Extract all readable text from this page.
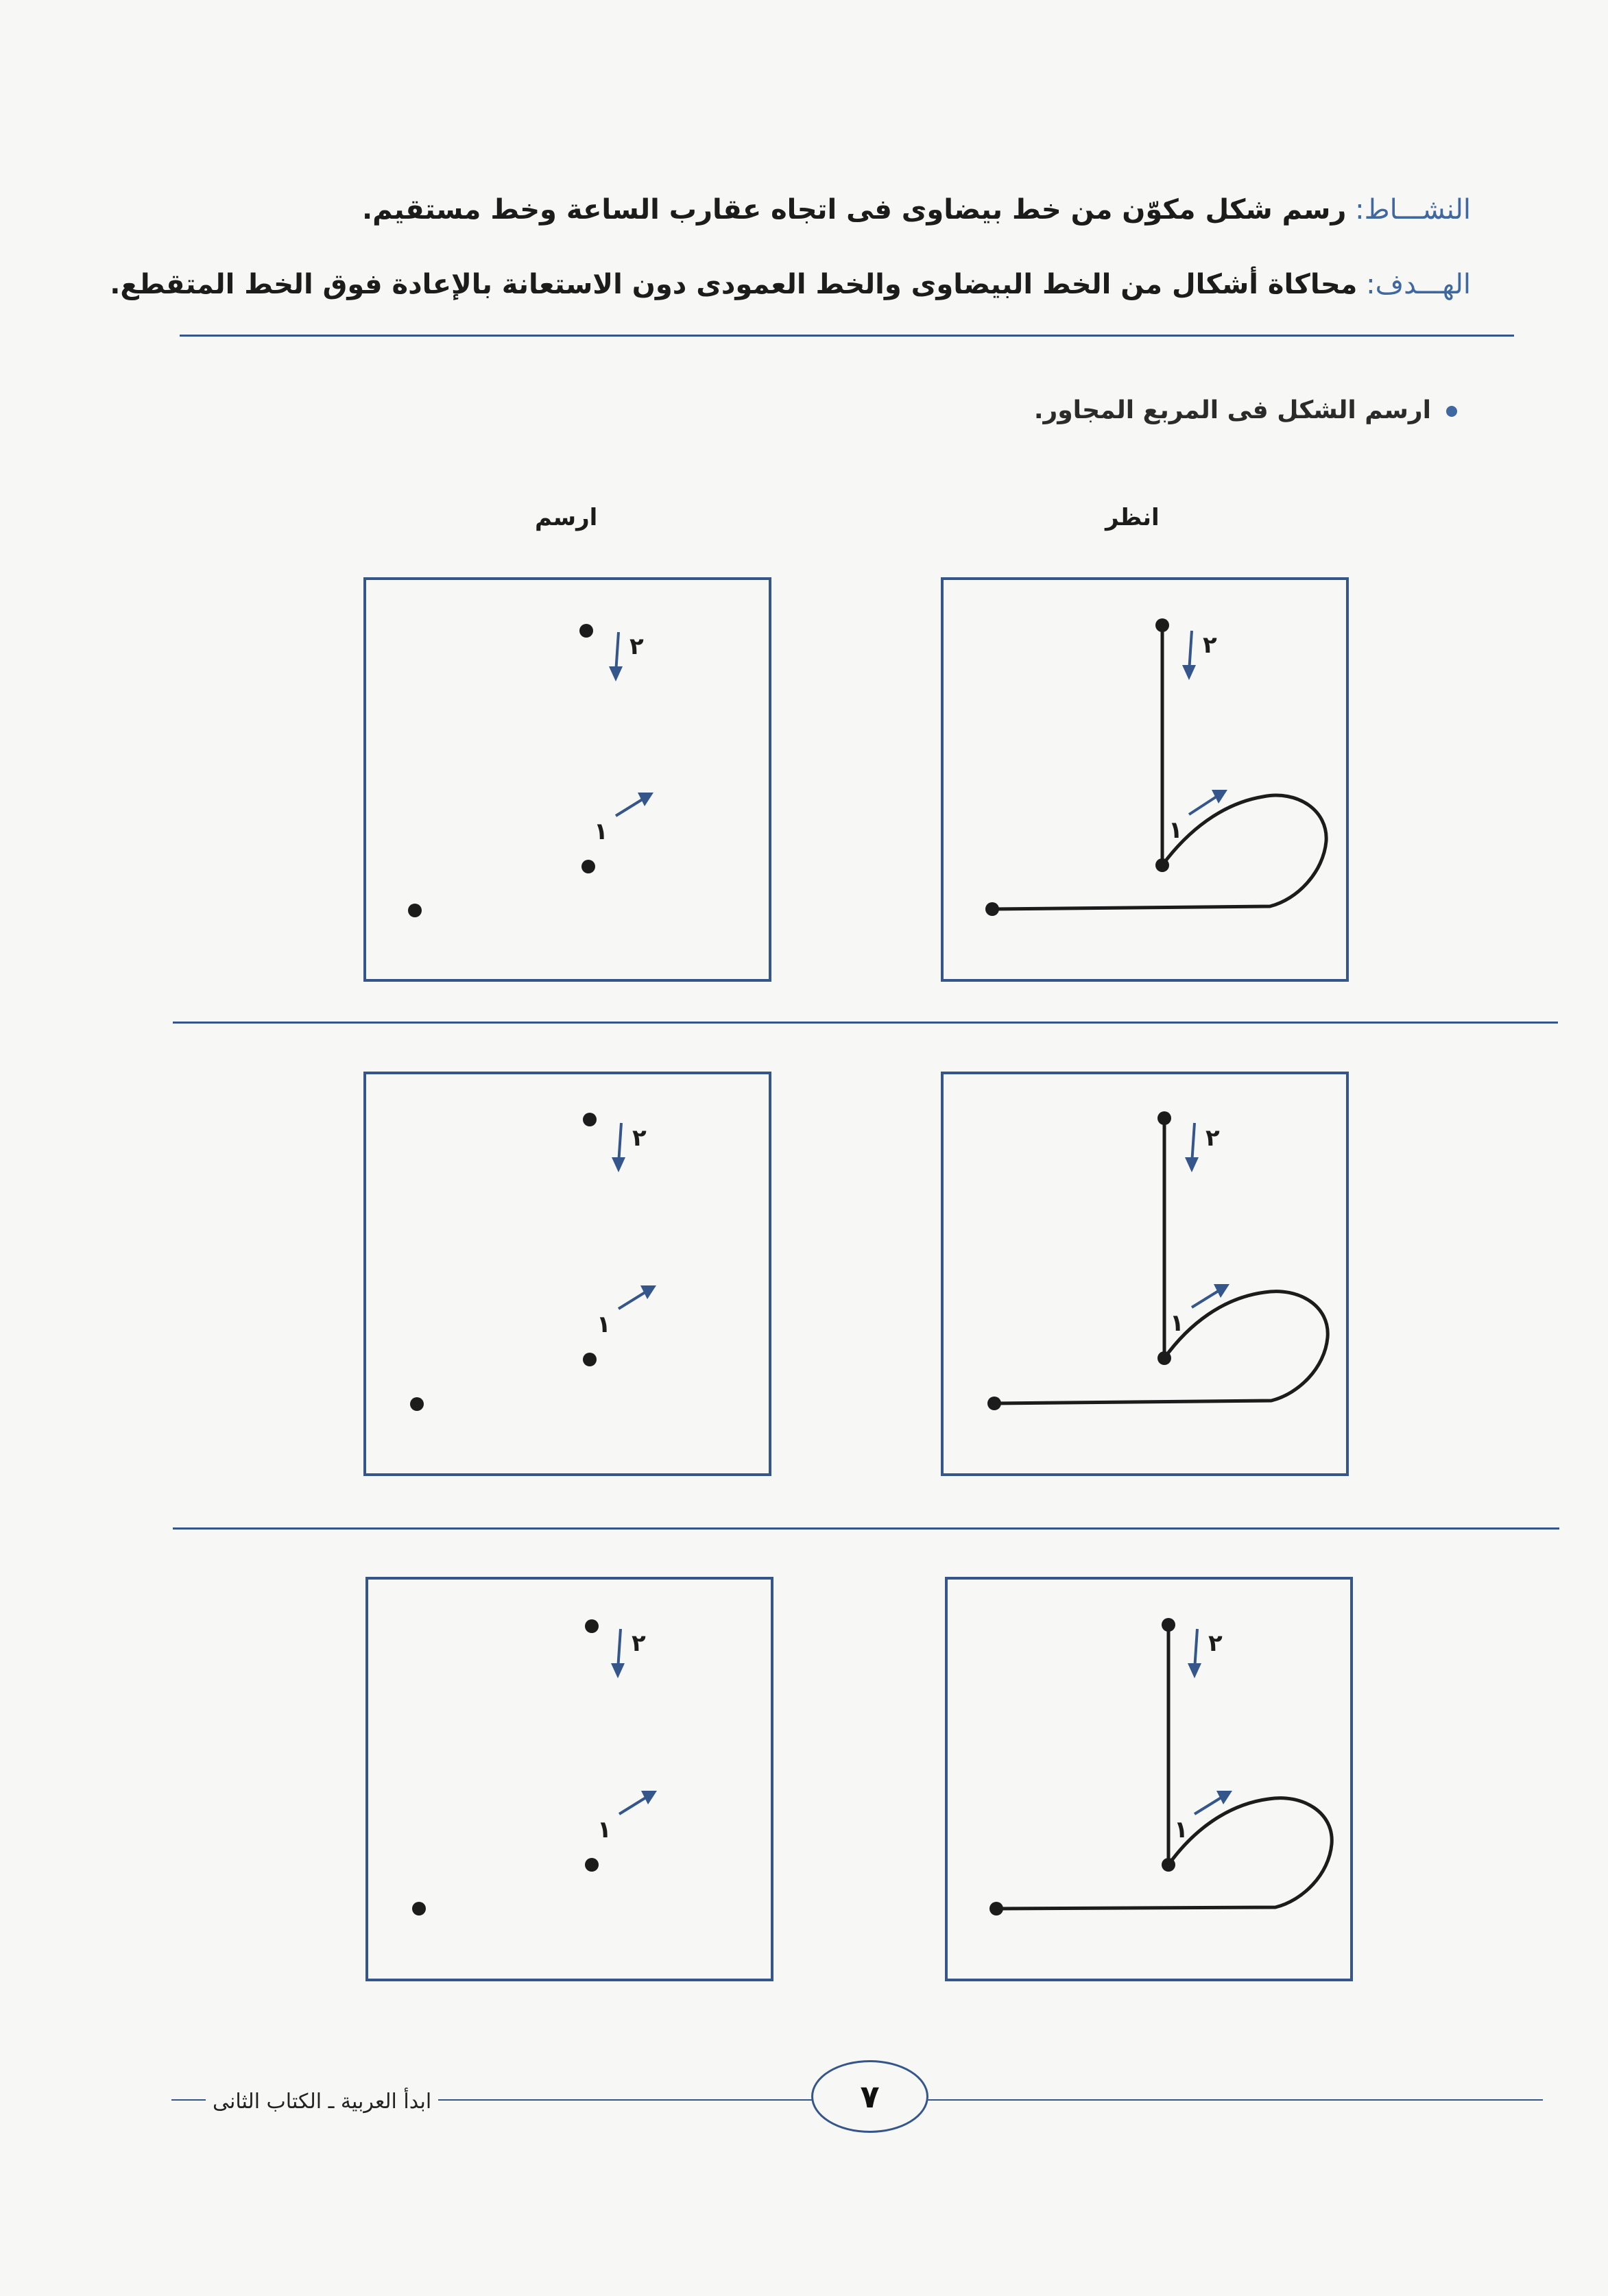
النشـــاط: رسم شكل مكوّن من خط بيضاوى فى اتجاه عقارب الساعة وخط مستقيم.
الهـــدف: محاكاة أشكال من الخط البيضاوى والخط العمودى دون الاستعانة بالإعادة فوق الخط المتقطع.
ارسم الشكل فى المربع المجاور.
انظر
ارسم
٢
١
٢
١
٢
١
٢
١
٢
١
٢
١
ابدأ العربية ـ الكتاب الثانى	٧
